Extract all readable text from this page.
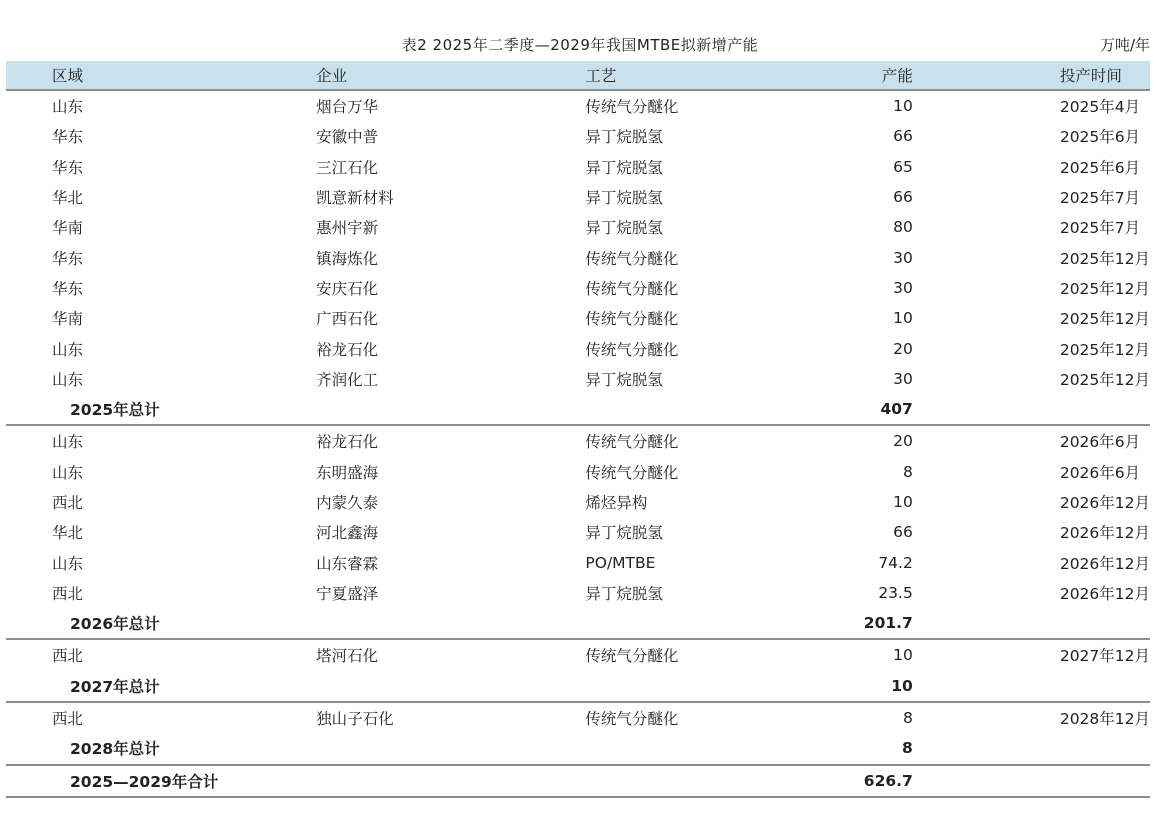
表2 2025年二季度—2029年我国MTBE拟新增产能	万吨/年
区域	企业	工艺	产能	投产时间
山东	烟台万华	传统气分醚化	10	2025年4月
华东	安徽中普	异丁烷脱氢	66	2025年6月
华东	三江石化	异丁烷脱氢	65	2025年6月
华北	凯意新材料	异丁烷脱氢	66	2025年7月
华南	惠州宇新	异丁烷脱氢	80	2025年7月
华东	镇海炼化	传统气分醚化	30	2025年12月
华东	安庆石化	传统气分醚化	30	2025年12月
华南	广西石化	传统气分醚化	10	2025年12月
山东	裕龙石化	传统气分醚化	20	2025年12月
山东	齐润化工	异丁烷脱氢	30	2025年12月
2025年总计			407	
山东	裕龙石化	传统气分醚化	20	2026年6月
山东	东明盛海	传统气分醚化	8	2026年6月
西北	内蒙久泰	烯烃异构	10	2026年12月
华北	河北鑫海	异丁烷脱氢	66	2026年12月
山东	山东睿霖	PO/MTBE	74.2	2026年12月
西北	宁夏盛泽	异丁烷脱氢	23.5	2026年12月
2026年总计			201.7	
西北	塔河石化	传统气分醚化	10	2027年12月
2027年总计			10	
西北	独山子石化	传统气分醚化	8	2028年12月
2028年总计			8	
2025—2029年合计			626.7	
